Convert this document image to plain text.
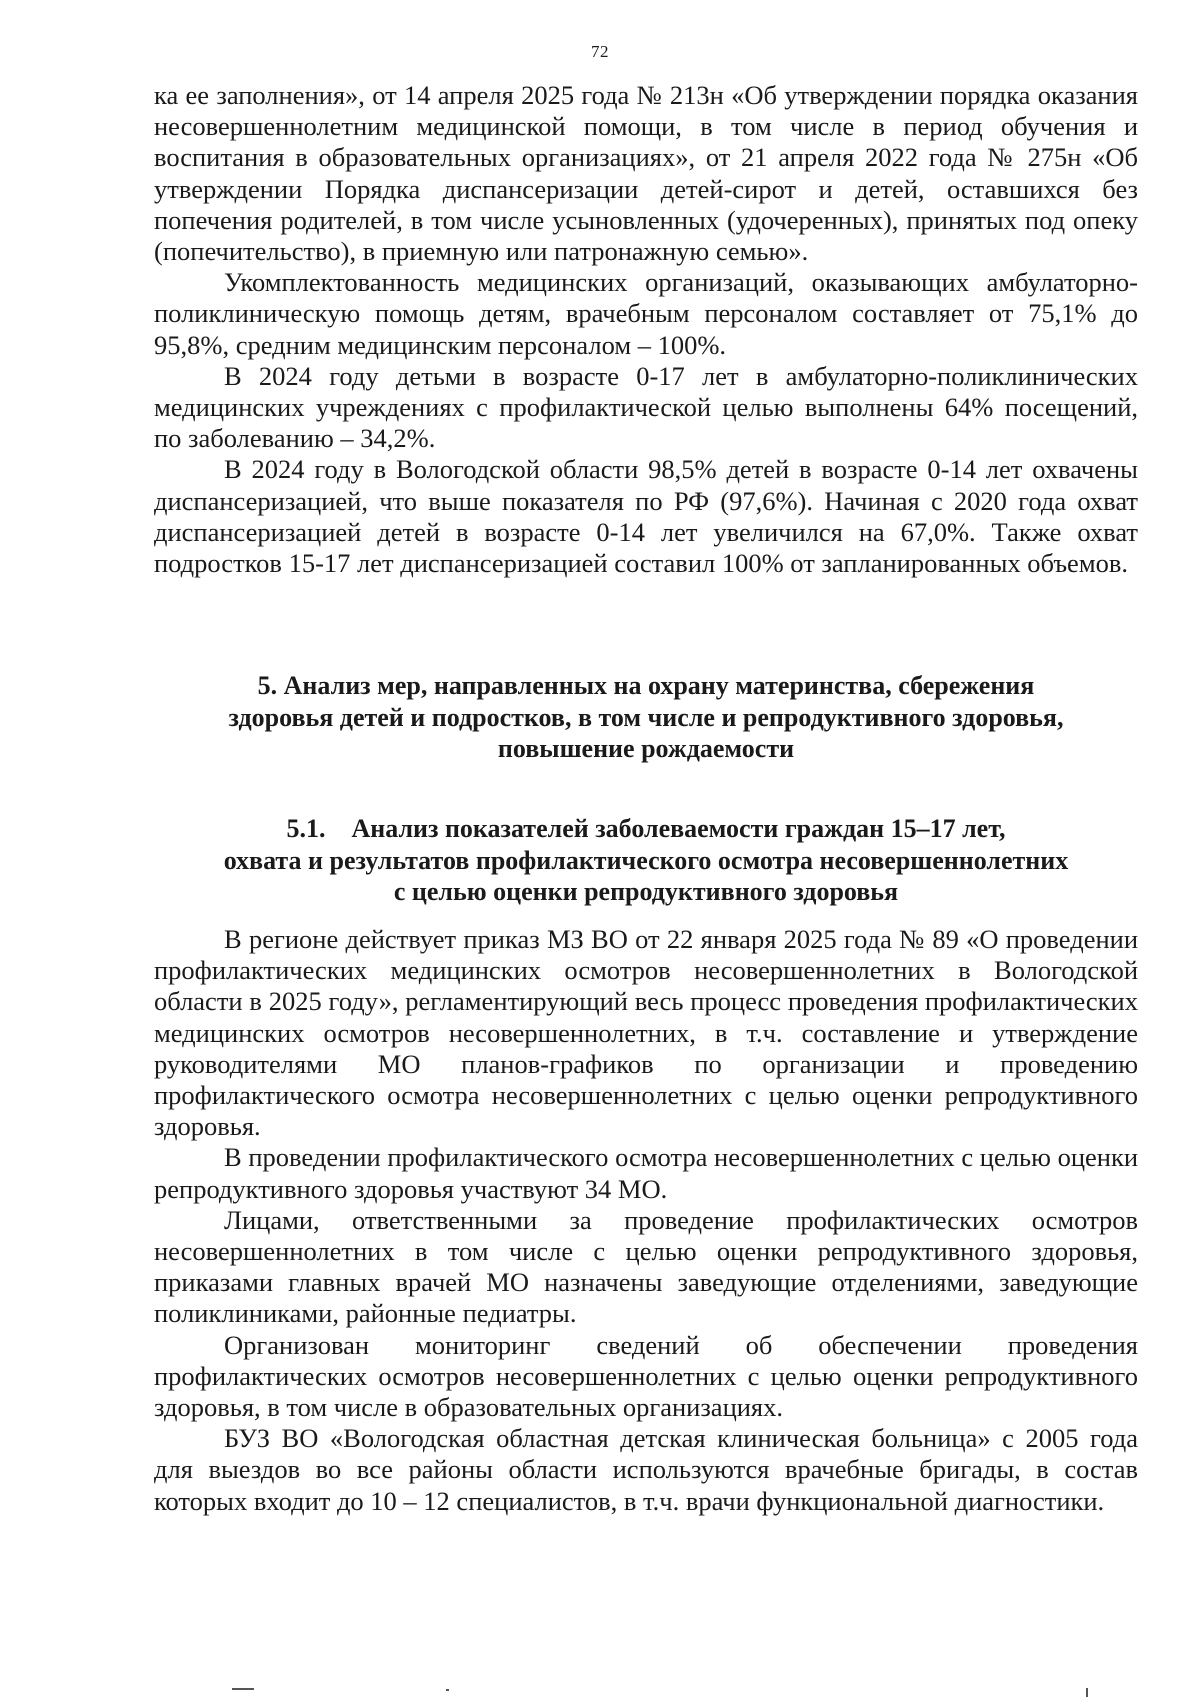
72

ка ее заполнения», от 14 апреля 2025 года № 213н «Об утверждении порядка оказания несовершеннолетним медицинской помощи, в том числе в период обучения и воспитания в образовательных организациях», от 21 апреля 2022 года № 275н «Об утверждении Порядка диспансеризации детей-сирот и детей, оставшихся без попечения родителей, в том числе усыновленных (удочеренных), принятых под опеку (попечительство), в приемную или патронажную семью».

Укомплектованность медицинских организаций, оказывающих амбулаторно-поликлиническую помощь детям, врачебным персоналом составляет от 75,1% до 95,8%, средним медицинским персоналом – 100%.

В 2024 году детьми в возрасте 0-17 лет в амбулаторно-поликлинических медицинских учреждениях с профилактической целью выполнены 64% посещений, по заболеванию – 34,2%.

В 2024 году в Вологодской области 98,5% детей в возрасте 0-14 лет охвачены диспансеризацией, что выше показателя по РФ (97,6%). Начиная с 2020 года охват диспансеризацией детей в возрасте 0-14 лет увеличился на 67,0%. Также охват подростков 15-17 лет диспансеризацией составил 100% от запланированных объемов.

5. Анализ мер, направленных на охрану материнства, сбережения
здоровья детей и подростков, в том числе и репродуктивного здоровья,
повышение рождаемости
5.1.    Анализ показателей заболеваемости граждан 15–17 лет,
охвата и результатов профилактического осмотра несовершеннолетних
с целью оценки репродуктивного здоровья

В регионе действует приказ МЗ ВО от 22 января 2025 года № 89 «О проведении профилактических медицинских осмотров несовершеннолетних в Вологодской области в 2025 году», регламентирующий весь процесс проведения профилактических медицинских осмотров несовершеннолетних, в т.ч. составление и утверждение руководителями МО планов-графиков по организации и проведению профилактического осмотра несовершеннолетних с целью оценки репродуктивного здоровья.

В проведении профилактического осмотра несовершеннолетних с целью оценки репродуктивного здоровья участвуют 34 МО.

Лицами, ответственными за проведение профилактических осмотров несовершеннолетних в том числе с целью оценки репродуктивного здоровья, приказами главных врачей МО назначены заведующие отделениями, заведующие поликлиниками, районные педиатры.

Организован мониторинг сведений об обеспечении проведения профилактических осмотров несовершеннолетних с целью оценки репродуктивного здоровья, в том числе в образовательных организациях.

БУЗ ВО «Вологодская областная детская клиническая больница» с 2005 года для выездов во все районы области используются врачебные бригады, в состав которых входит до 10 – 12 специалистов, в т.ч. врачи функциональной диагностики.
